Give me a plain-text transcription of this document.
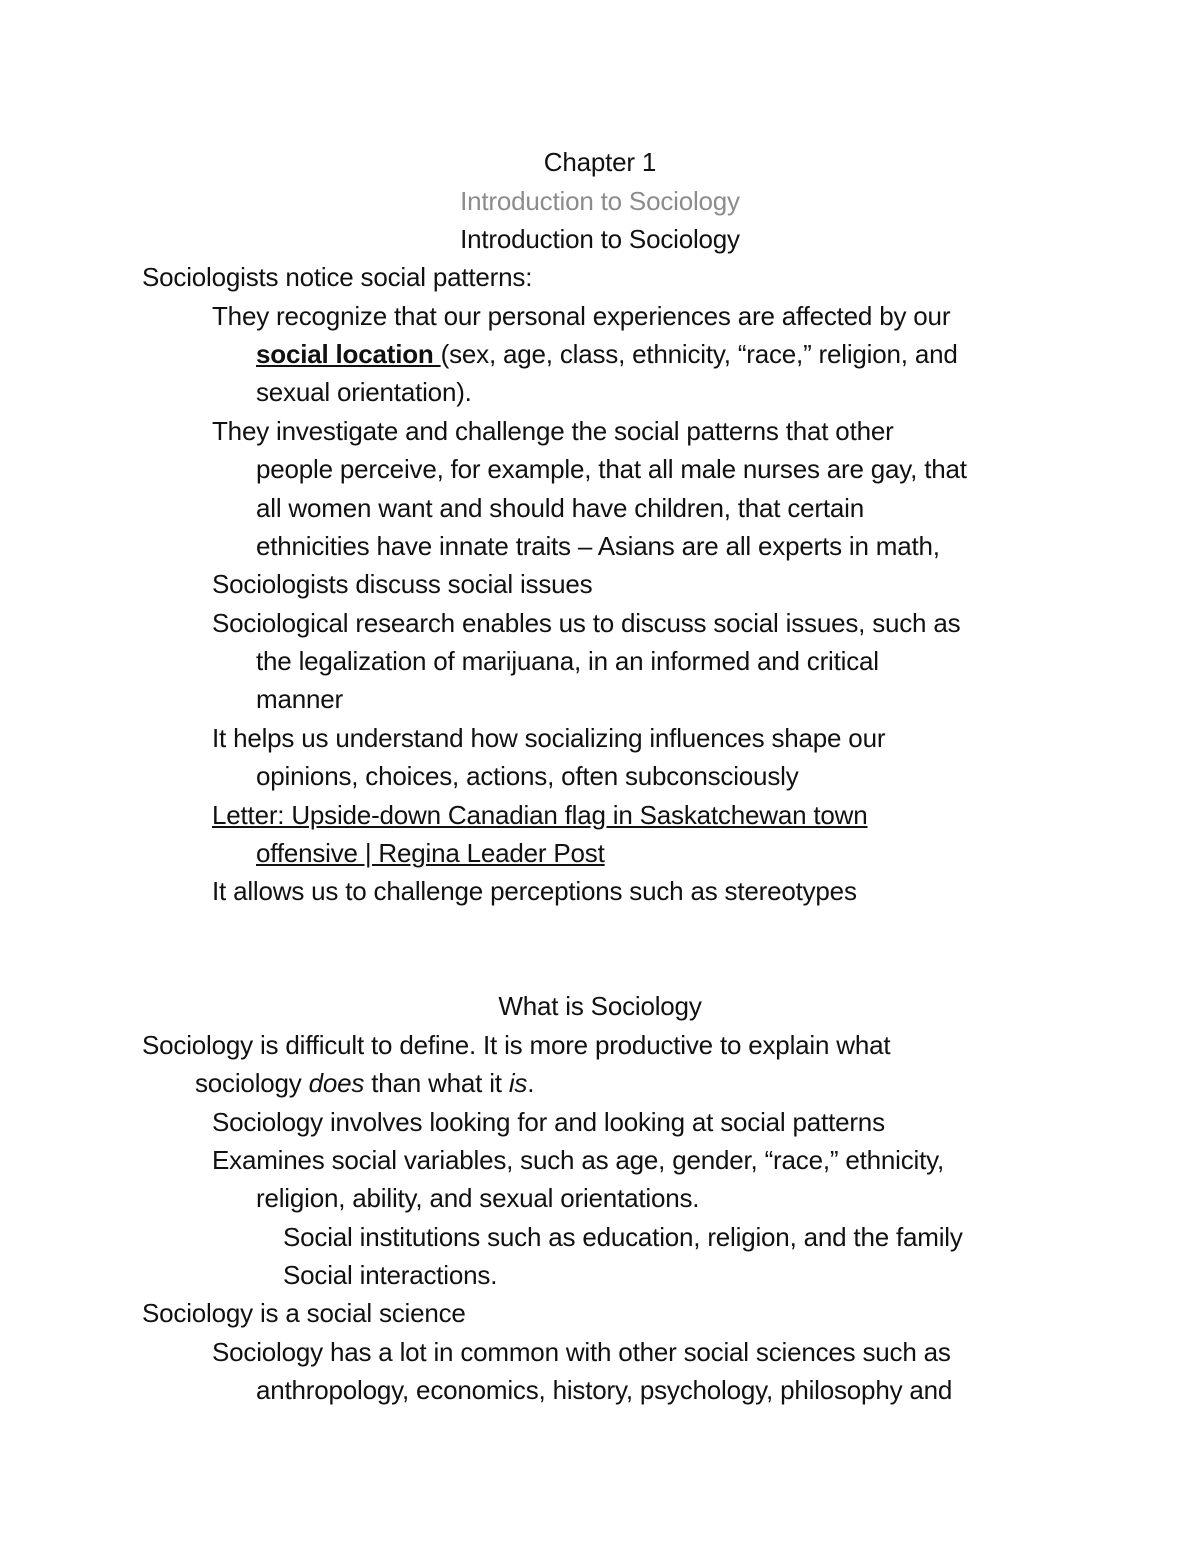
Chapter 1
Introduction to Sociology
Introduction to Sociology
Sociologists notice social patterns:
They recognize that our personal experiences are affected by our
social location (sex, age, class, ethnicity, “race,” religion, and
sexual orientation).
They investigate and challenge the social patterns that other
people perceive, for example, that all male nurses are gay, that
all women want and should have children, that certain
ethnicities have innate traits – Asians are all experts in math,
Sociologists discuss social issues
Sociological research enables us to discuss social issues, such as
the legalization of marijuana, in an informed and critical
manner
It helps us understand how socializing influences shape our
opinions, choices, actions, often subconsciously
Letter: Upside-down Canadian flag in Saskatchewan town
offensive | Regina Leader Post
It allows us to challenge perceptions such as stereotypes
What is Sociology
Sociology is difficult to define. It is more productive to explain what
sociology does than what it is.
Sociology involves looking for and looking at social patterns
Examines social variables, such as age, gender, “race,” ethnicity,
religion, ability, and sexual orientations.
Social institutions such as education, religion, and the family
Social interactions.
Sociology is a social science
Sociology has a lot in common with other social sciences such as
anthropology, economics, history, psychology, philosophy and
